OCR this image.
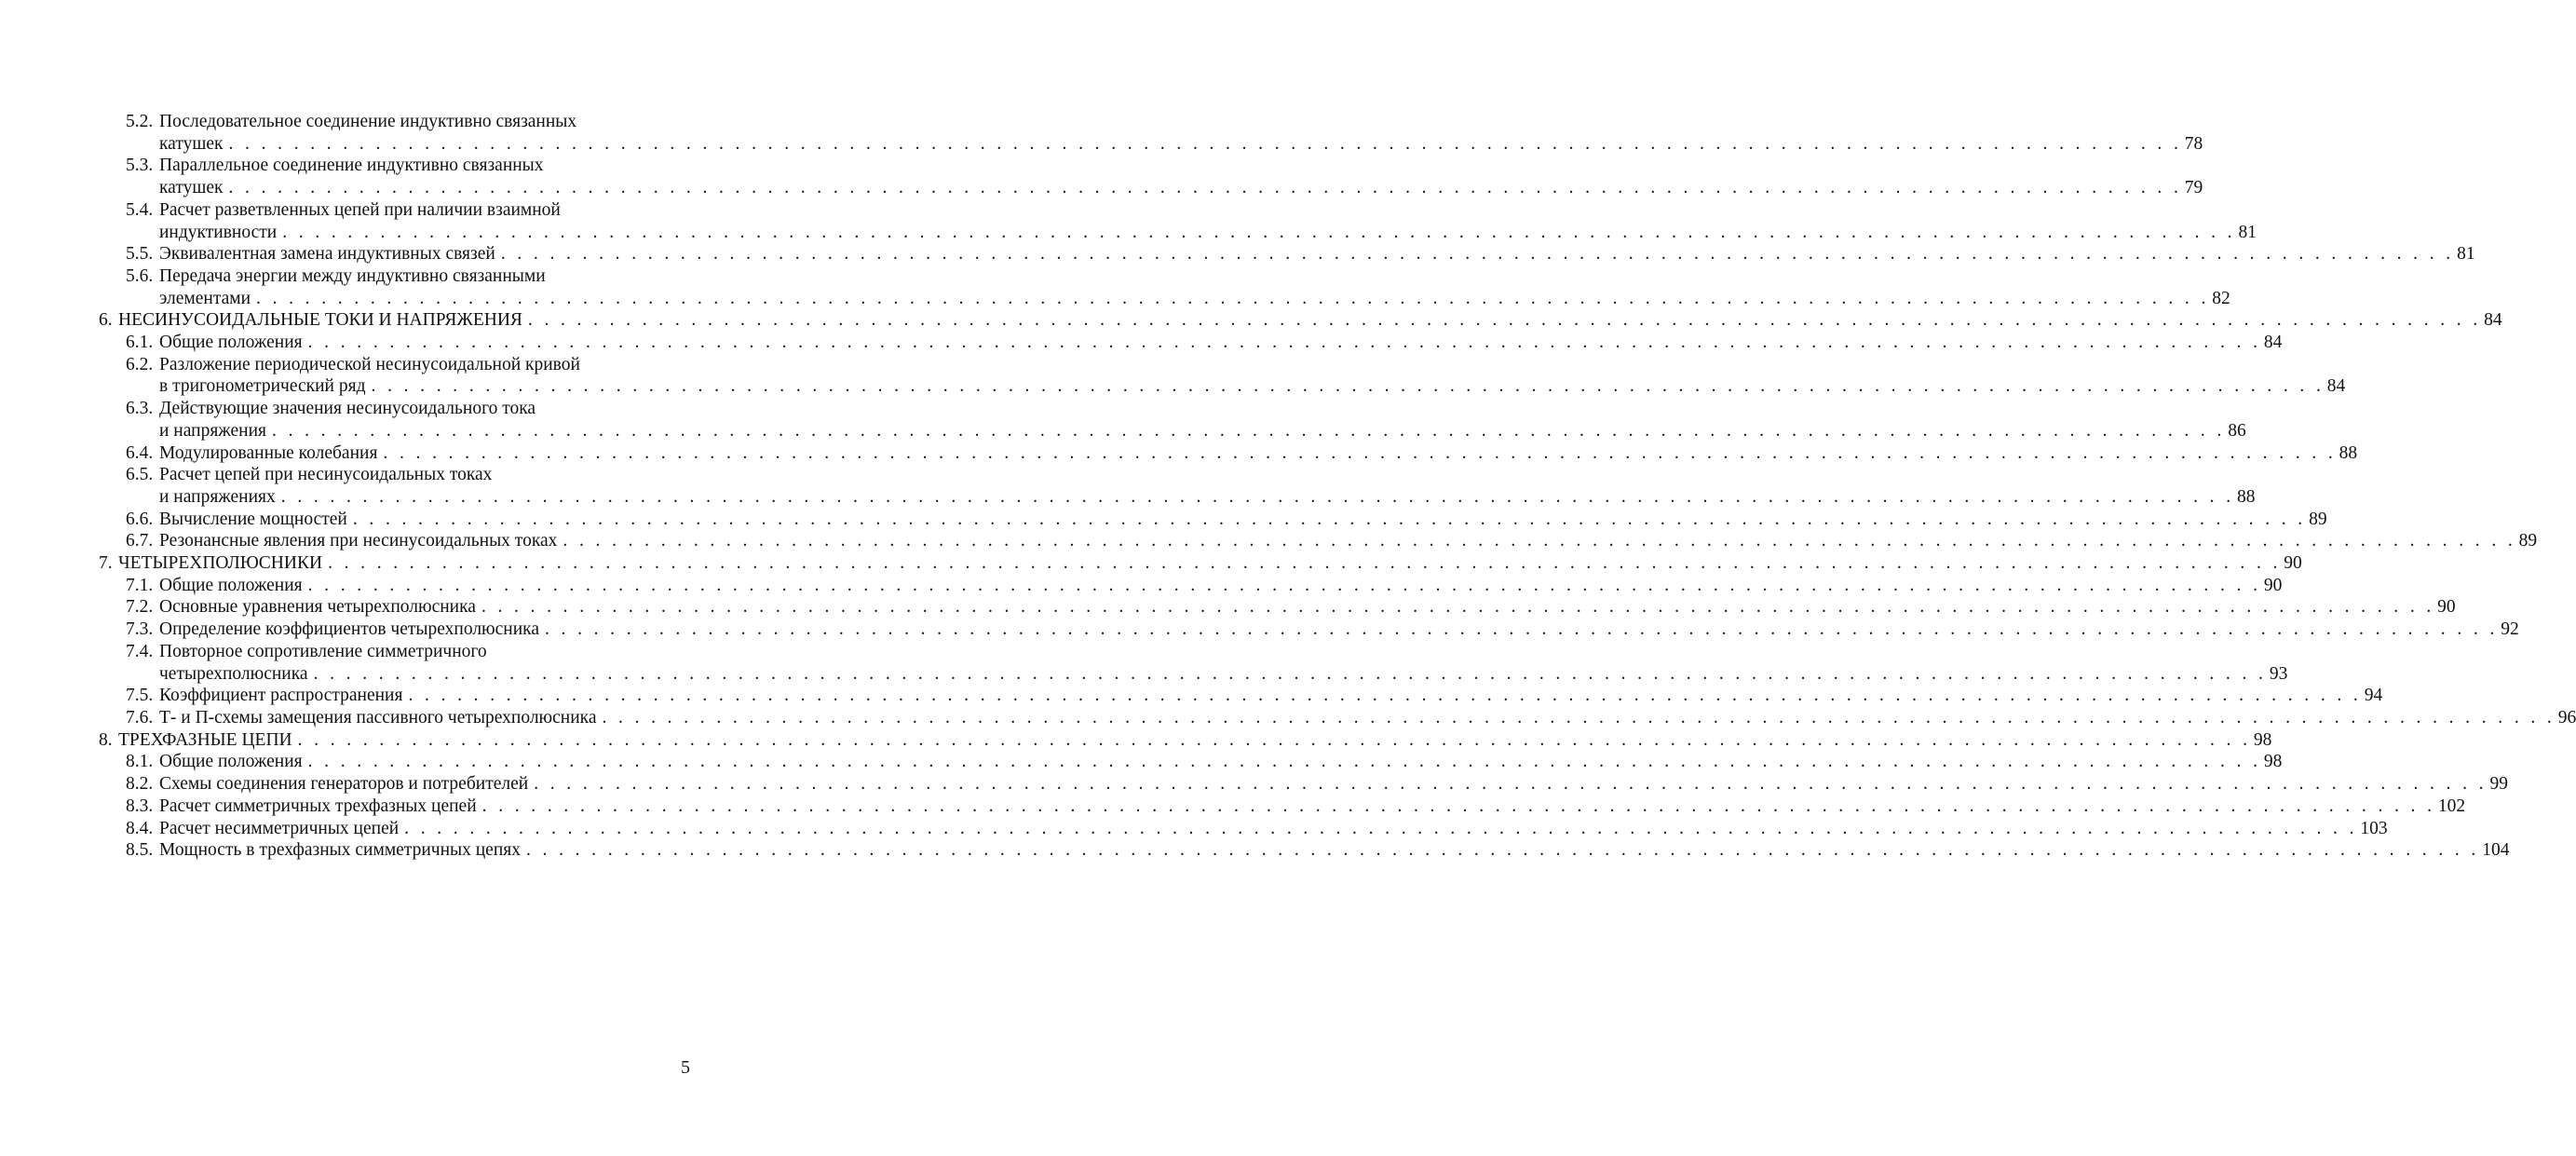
5.2. Последовательное соединение индуктивно связанных
катушек . . . . . . . . . . . . . . . . . . . . . . . . . . . . . . . . . . . . . . . . . . . . . . . . . . . . . . . . . . . . . . . . . . . . . . . . . . . . . . . . . . . . . . . . . . . . . . . . . . . . . . . . . . . . . . . . . . . . . . . . 78
5.3. Параллельное соединение индуктивно связанных
катушек . . . . . . . . . . . . . . . . . . . . . . . . . . . . . . . . . . . . . . . . . . . . . . . . . . . . . . . . . . . . . . . . . . . . . . . . . . . . . . . . . . . . . . . . . . . . . . . . . . . . . . . . . . . . . . . . . . . . . . . . 79
5.4. Расчет разветвленных цепей при наличии взаимной
индуктивности . . . . . . . . . . . . . . . . . . . . . . . . . . . . . . . . . . . . . . . . . . . . . . . . . . . . . . . . . . . . . . . . . . . . . . . . . . . . . . . . . . . . . . . . . . . . . . . . . . . . . . . . . . . . . . . . . . . . . . . . 81
5.5. Эквивалентная замена индуктивных связей . . . . . . . . . . . . . . . . . . . . . . . . . . . . . . . . . . . . . . . . . . . . . . . . . . . . . . . . . . . . . . . . . . . . . . . . . . . . . . . . . . . . . . . . . . . . . . . . . . . . . . . . . . . . . . . . . . . . . . . . 81
5.6. Передача энергии между индуктивно связанными
элементами . . . . . . . . . . . . . . . . . . . . . . . . . . . . . . . . . . . . . . . . . . . . . . . . . . . . . . . . . . . . . . . . . . . . . . . . . . . . . . . . . . . . . . . . . . . . . . . . . . . . . . . . . . . . . . . . . . . . . . . . 82
6. НЕСИНУСОИДАЛЬНЫЕ ТОКИ И НАПРЯЖЕНИЯ . . . . . . . . . . . . . . . . . . . . . . . . . . . . . . . . . . . . . . . . . . . . . . . . . . . . . . . . . . . . . . . . . . . . . . . . . . . . . . . . . . . . . . . . . . . . . . . . . . . . . . . . . . . . . . . . . . . . . . . . 84
6.1. Общие положения . . . . . . . . . . . . . . . . . . . . . . . . . . . . . . . . . . . . . . . . . . . . . . . . . . . . . . . . . . . . . . . . . . . . . . . . . . . . . . . . . . . . . . . . . . . . . . . . . . . . . . . . . . . . . . . . . . . . . . . . 84
6.2. Разложение периодической несинусоидальной кривой
в тригонометрический ряд . . . . . . . . . . . . . . . . . . . . . . . . . . . . . . . . . . . . . . . . . . . . . . . . . . . . . . . . . . . . . . . . . . . . . . . . . . . . . . . . . . . . . . . . . . . . . . . . . . . . . . . . . . . . . . . . . . . . . . . . 84
6.3. Действующие значения несинусоидального тока
и напряжения . . . . . . . . . . . . . . . . . . . . . . . . . . . . . . . . . . . . . . . . . . . . . . . . . . . . . . . . . . . . . . . . . . . . . . . . . . . . . . . . . . . . . . . . . . . . . . . . . . . . . . . . . . . . . . . . . . . . . . . . 86
6.4. Модулированные колебания . . . . . . . . . . . . . . . . . . . . . . . . . . . . . . . . . . . . . . . . . . . . . . . . . . . . . . . . . . . . . . . . . . . . . . . . . . . . . . . . . . . . . . . . . . . . . . . . . . . . . . . . . . . . . . . . . . . . . . . . 88
6.5. Расчет цепей при несинусоидальных токах
и напряжениях . . . . . . . . . . . . . . . . . . . . . . . . . . . . . . . . . . . . . . . . . . . . . . . . . . . . . . . . . . . . . . . . . . . . . . . . . . . . . . . . . . . . . . . . . . . . . . . . . . . . . . . . . . . . . . . . . . . . . . . . 88
6.6. Вычисление мощностей . . . . . . . . . . . . . . . . . . . . . . . . . . . . . . . . . . . . . . . . . . . . . . . . . . . . . . . . . . . . . . . . . . . . . . . . . . . . . . . . . . . . . . . . . . . . . . . . . . . . . . . . . . . . . . . . . . . . . . . . 89
6.7. Резонансные явления при несинусоидальных токах . . . . . . . . . . . . . . . . . . . . . . . . . . . . . . . . . . . . . . . . . . . . . . . . . . . . . . . . . . . . . . . . . . . . . . . . . . . . . . . . . . . . . . . . . . . . . . . . . . . . . . . . . . . . . . . . . . . . . . . . 89
7. ЧЕТЫРЕХПОЛЮСНИКИ . . . . . . . . . . . . . . . . . . . . . . . . . . . . . . . . . . . . . . . . . . . . . . . . . . . . . . . . . . . . . . . . . . . . . . . . . . . . . . . . . . . . . . . . . . . . . . . . . . . . . . . . . . . . . . . . . . . . . . . . 90
7.1. Общие положения . . . . . . . . . . . . . . . . . . . . . . . . . . . . . . . . . . . . . . . . . . . . . . . . . . . . . . . . . . . . . . . . . . . . . . . . . . . . . . . . . . . . . . . . . . . . . . . . . . . . . . . . . . . . . . . . . . . . . . . . 90
7.2. Основные уравнения четырехполюсника . . . . . . . . . . . . . . . . . . . . . . . . . . . . . . . . . . . . . . . . . . . . . . . . . . . . . . . . . . . . . . . . . . . . . . . . . . . . . . . . . . . . . . . . . . . . . . . . . . . . . . . . . . . . . . . . . . . . . . . . 90
7.3. Определение коэффициентов четырехполюсника . . . . . . . . . . . . . . . . . . . . . . . . . . . . . . . . . . . . . . . . . . . . . . . . . . . . . . . . . . . . . . . . . . . . . . . . . . . . . . . . . . . . . . . . . . . . . . . . . . . . . . . . . . . . . . . . . . . . . . . . 92
7.4. Повторное сопротивление симметричного
четырехполюсника . . . . . . . . . . . . . . . . . . . . . . . . . . . . . . . . . . . . . . . . . . . . . . . . . . . . . . . . . . . . . . . . . . . . . . . . . . . . . . . . . . . . . . . . . . . . . . . . . . . . . . . . . . . . . . . . . . . . . . . . 93
7.5. Коэффициент распространения . . . . . . . . . . . . . . . . . . . . . . . . . . . . . . . . . . . . . . . . . . . . . . . . . . . . . . . . . . . . . . . . . . . . . . . . . . . . . . . . . . . . . . . . . . . . . . . . . . . . . . . . . . . . . . . . . . . . . . . . 94
7.6. Т- и П-схемы замещения пассивного четырехполюсника . . . . . . . . . . . . . . . . . . . . . . . . . . . . . . . . . . . . . . . . . . . . . . . . . . . . . . . . . . . . . . . . . . . . . . . . . . . . . . . . . . . . . . . . . . . . . . . . . . . . . . . . . . . . . . . . . . . . . . . . 96
8. ТРЕХФАЗНЫЕ ЦЕПИ . . . . . . . . . . . . . . . . . . . . . . . . . . . . . . . . . . . . . . . . . . . . . . . . . . . . . . . . . . . . . . . . . . . . . . . . . . . . . . . . . . . . . . . . . . . . . . . . . . . . . . . . . . . . . . . . . . . . . . . . 98
8.1. Общие положения . . . . . . . . . . . . . . . . . . . . . . . . . . . . . . . . . . . . . . . . . . . . . . . . . . . . . . . . . . . . . . . . . . . . . . . . . . . . . . . . . . . . . . . . . . . . . . . . . . . . . . . . . . . . . . . . . . . . . . . . 98
8.2. Схемы соединения генераторов и потребителей . . . . . . . . . . . . . . . . . . . . . . . . . . . . . . . . . . . . . . . . . . . . . . . . . . . . . . . . . . . . . . . . . . . . . . . . . . . . . . . . . . . . . . . . . . . . . . . . . . . . . . . . . . . . . . . . . . . . . . . . 99
8.3. Расчет симметричных трехфазных цепей . . . . . . . . . . . . . . . . . . . . . . . . . . . . . . . . . . . . . . . . . . . . . . . . . . . . . . . . . . . . . . . . . . . . . . . . . . . . . . . . . . . . . . . . . . . . . . . . . . . . . . . . . . . . . . . . . . . . . . . . 102
8.4. Расчет несимметричных цепей . . . . . . . . . . . . . . . . . . . . . . . . . . . . . . . . . . . . . . . . . . . . . . . . . . . . . . . . . . . . . . . . . . . . . . . . . . . . . . . . . . . . . . . . . . . . . . . . . . . . . . . . . . . . . . . . . . . . . . . . 103
8.5. Мощность в трехфазных симметричных цепях . . . . . . . . . . . . . . . . . . . . . . . . . . . . . . . . . . . . . . . . . . . . . . . . . . . . . . . . . . . . . . . . . . . . . . . . . . . . . . . . . . . . . . . . . . . . . . . . . . . . . . . . . . . . . . . . . . . . . . . . 104
5
